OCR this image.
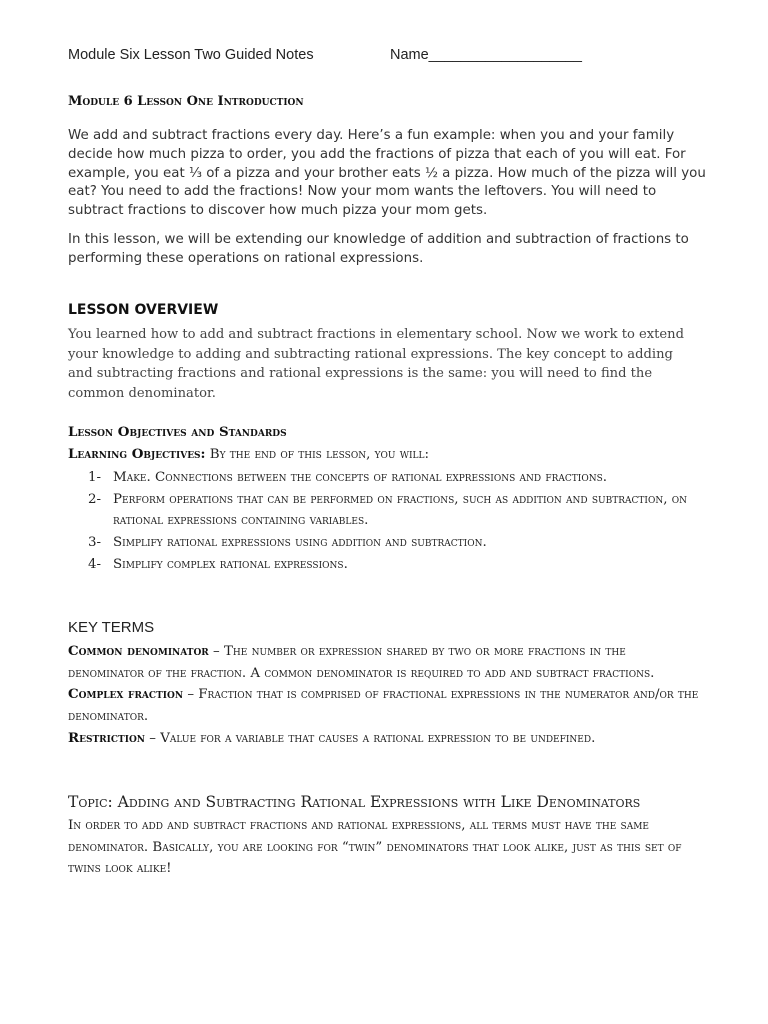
Module Six Lesson Two Guided Notes	Name___________________
Module 6 Lesson One Introduction

We add and subtract fractions every day. Here’s a fun example: when you and your family decide how much pizza to order, you add the fractions of pizza that each of you will eat. For example, you eat ⅓ of a pizza and your brother eats ½ a pizza. How much of the pizza will you eat? You need to add the fractions! Now your mom wants the leftovers. You will need to subtract fractions to discover how much pizza your mom gets.

In this lesson, we will be extending our knowledge of addition and subtraction of fractions to performing these operations on rational expressions.

LESSON OVERVIEW

You learned how to add and subtract fractions in elementary school. Now we work to extend your knowledge to adding and subtracting rational expressions. The key concept to adding and subtracting fractions and rational expressions is the same: you will need to find the common denominator.

Lesson Objectives and Standards
Learning Objectives: By the end of this lesson, you will:
1- Make. Connections between the concepts of rational expressions and fractions.
2- Perform operations that can be performed on fractions, such as addition and subtraction, on rational expressions containing variables.
3- Simplify rational expressions using addition and subtraction.
4- Simplify complex rational expressions.
KEY TERMS

Common denominator – The number or expression shared by two or more fractions in the denominator of the fraction. A common denominator is required to add and subtract fractions.

Complex fraction – Fraction that is comprised of fractional expressions in the numerator and/or the denominator.

Restriction – Value for a variable that causes a rational expression to be undefined.

Topic: Adding and Subtracting Rational Expressions with Like Denominators

In order to add and subtract fractions and rational expressions, all terms must have the same denominator. Basically, you are looking for “twin” denominators that look alike, just as this set of twins look alike!
